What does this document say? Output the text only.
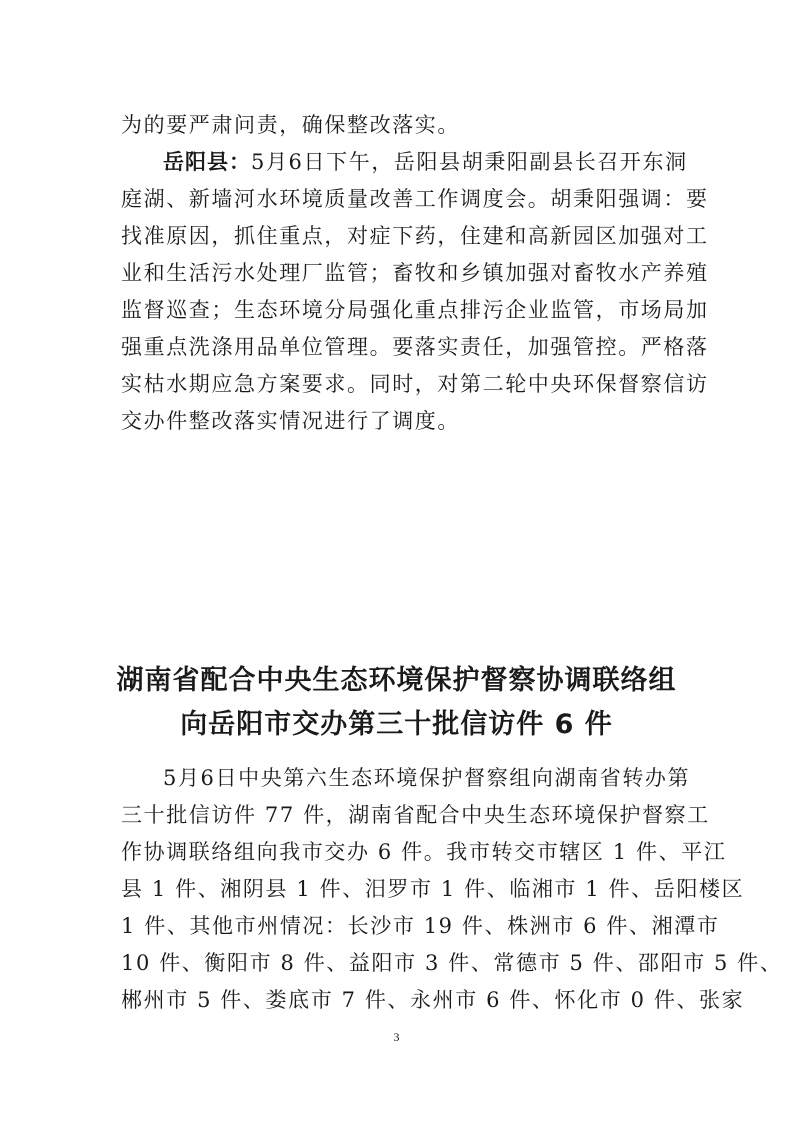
为的要严肃问责，确保整改落实。
岳阳县：5月6日下午，岳阳县胡秉阳副县长召开东洞
庭湖、新墙河水环境质量改善工作调度会。胡秉阳强调：要
找准原因，抓住重点，对症下药，住建和高新园区加强对工
业和生活污水处理厂监管；畜牧和乡镇加强对畜牧水产养殖
监督巡查；生态环境分局强化重点排污企业监管，市场局加
强重点洗涤用品单位管理。要落实责任，加强管控。严格落
实枯水期应急方案要求。同时，对第二轮中央环保督察信访
交办件整改落实情况进行了调度。
湖南省配合中央生态环境保护督察协调联络组
向岳阳市交办第三十批信访件 6 件
5月6日中央第六生态环境保护督察组向湖南省转办第
三十批信访件 77 件，湖南省配合中央生态环境保护督察工
作协调联络组向我市交办 6 件。我市转交市辖区 1 件、平江
县 1 件、湘阴县 1 件、汨罗市 1 件、临湘市 1 件、岳阳楼区
1 件、其他市州情况：长沙市 19 件、株洲市 6 件、湘潭市
10 件、衡阳市 8 件、益阳市 3 件、常德市 5 件、邵阳市 5 件、
郴州市 5 件、娄底市 7 件、永州市 6 件、怀化市 0 件、张家
3
